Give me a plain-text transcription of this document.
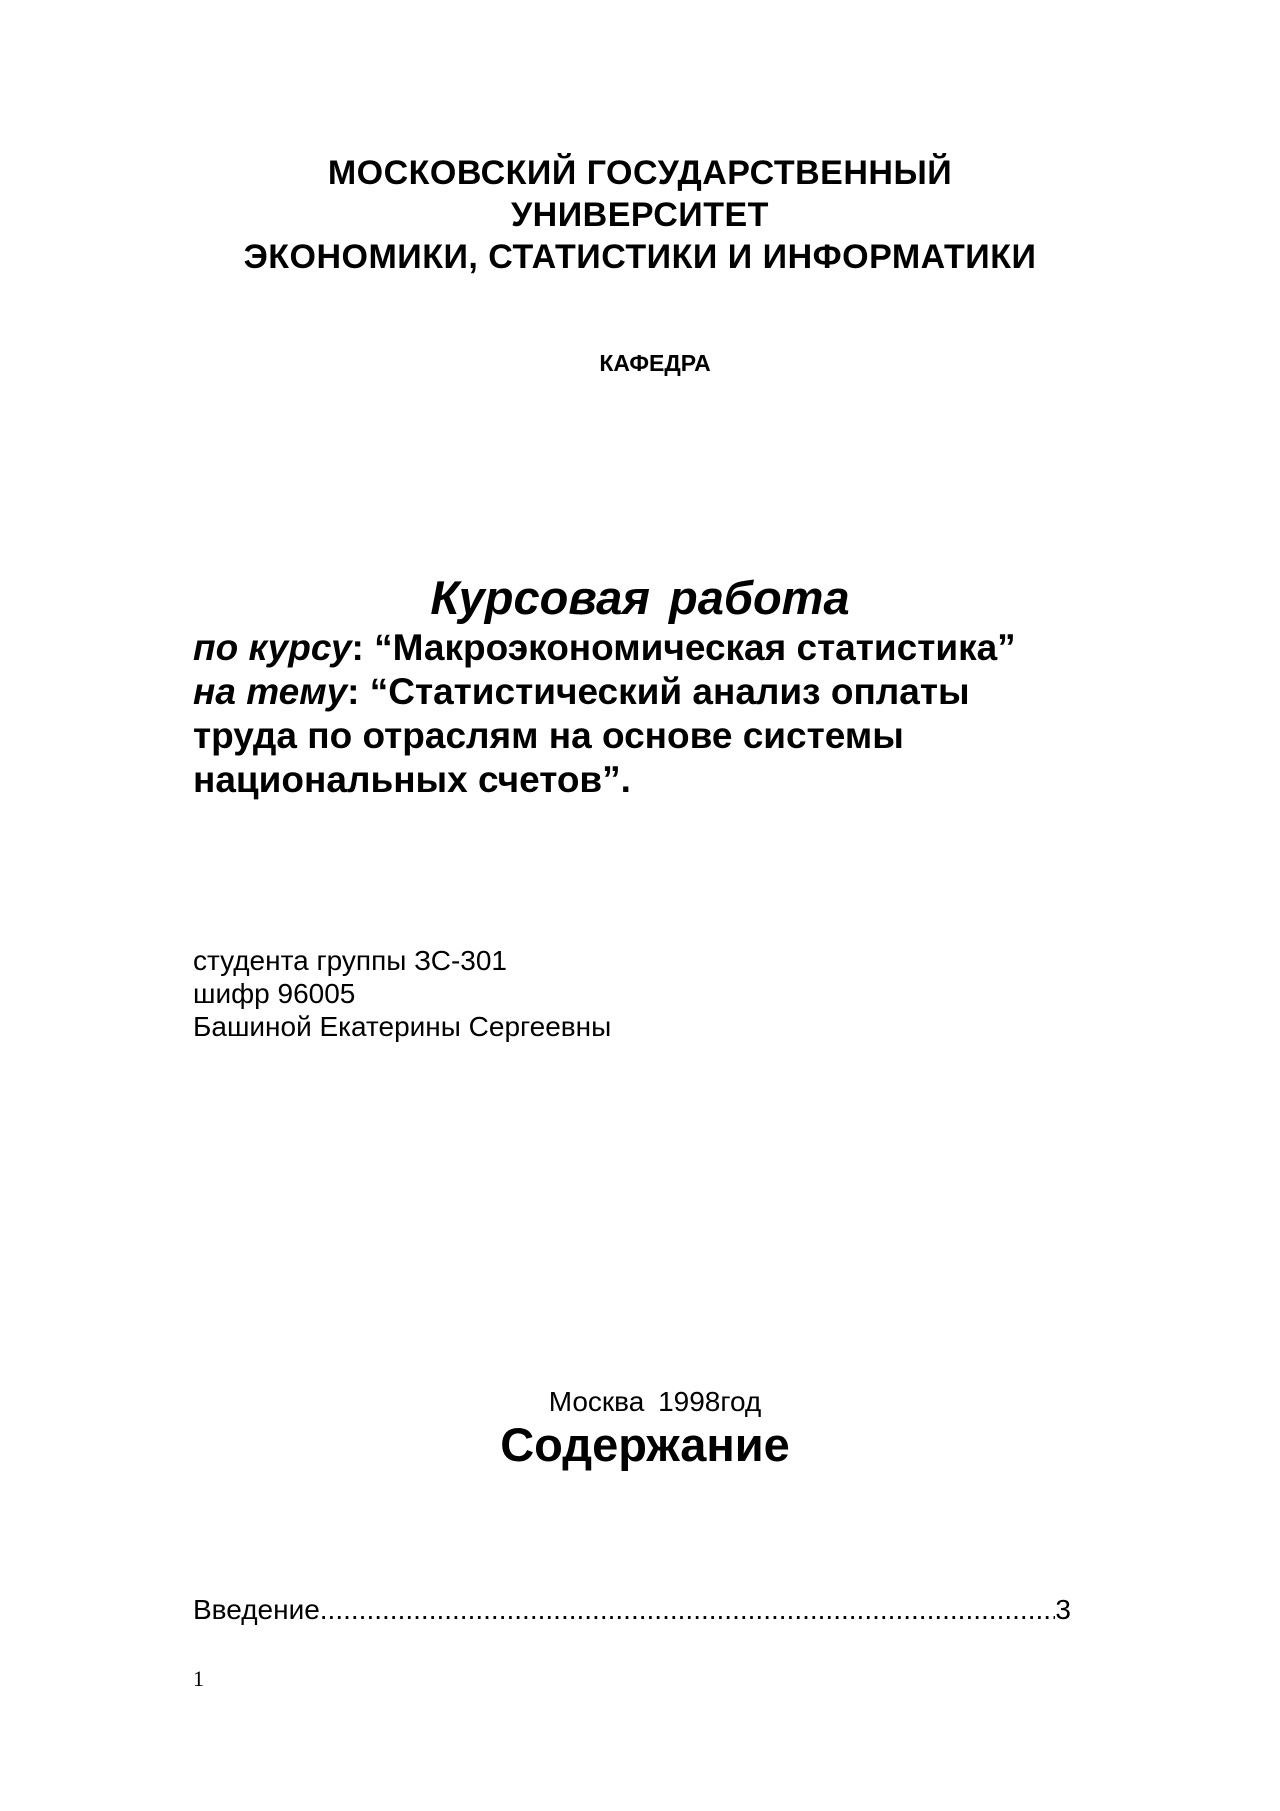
МОСКОВСКИЙ ГОСУДАРСТВЕННЫЙ
УНИВЕРСИТЕТ
ЭКОНОМИКИ, СТАТИСТИКИ И ИНФОРМАТИКИ
КАФЕДРА
Курсовая работа
по курсу: “Макроэкономическая статистика”
на тему: “Статистический анализ оплаты
труда по отраслям на основе системы
национальных счетов”.
студента группы ЗС-301
шифр 96005
Башиной Екатерины Сергеевны
Москва 1998год
Содержание
Введение
.....	3
1
